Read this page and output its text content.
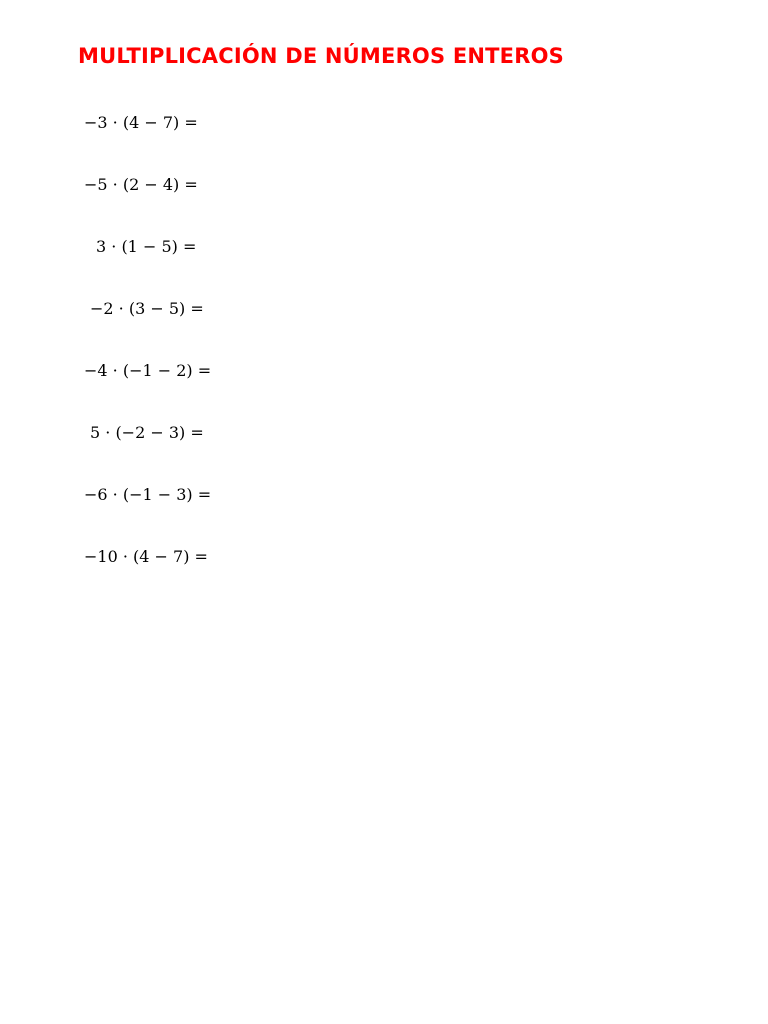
MULTIPLICACIÓN DE NÚMEROS ENTEROS
−3 · (4 − 7) =
−5 · (2 − 4) =
3 · (1 − 5) =
−2 · (3 − 5) =
−4 · (−1 − 2) =
5 · (−2 − 3) =
−6 · (−1 − 3) =
−10 · (4 − 7) =
